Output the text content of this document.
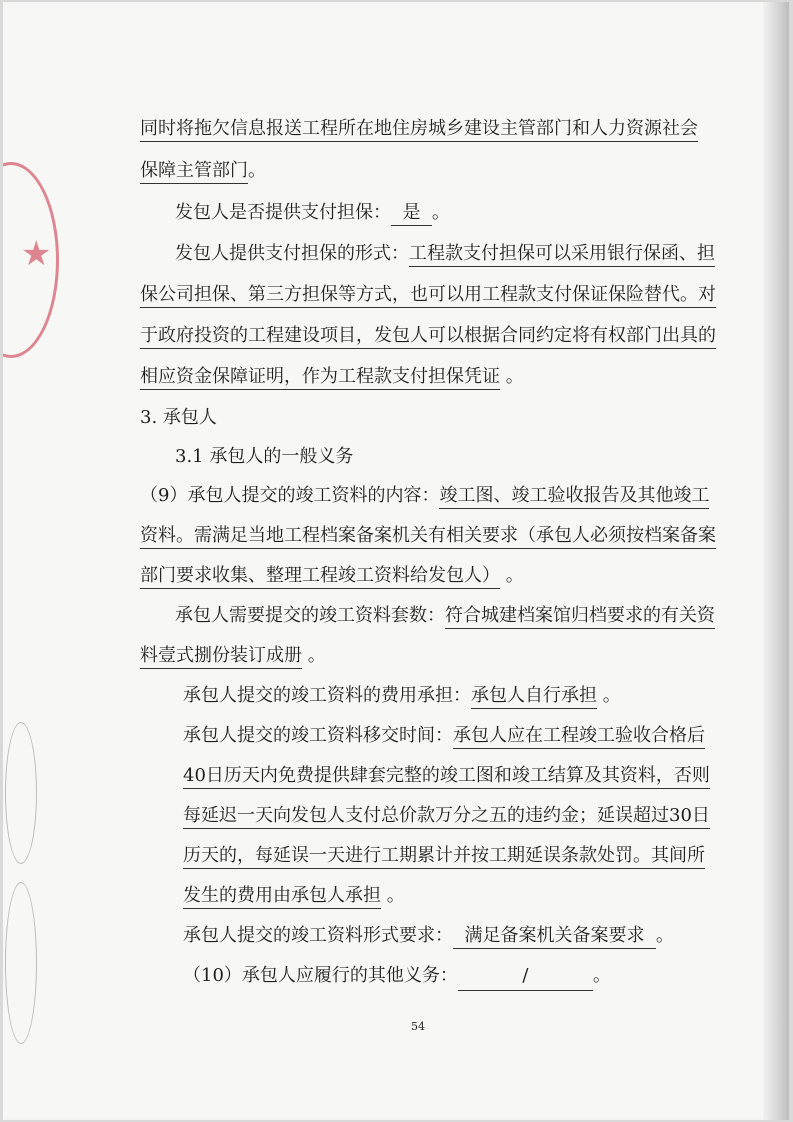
★
同时将拖欠信息报送工程所在地住房城乡建设主管部门和人力资源社会
保障主管部门。
发包人是否提供支付担保：  是  。
发包人提供支付担保的形式：工程款支付担保可以采用银行保函、担
保公司担保、第三方担保等方式，也可以用工程款支付保证保险替代。对
于政府投资的工程建设项目，发包人可以根据合同约定将有权部门出具的
相应资金保障证明，作为工程款支付担保凭证 。
3. 承包人
3.1 承包人的一般义务
（9）承包人提交的竣工资料的内容：竣工图、竣工验收报告及其他竣工
资料。需满足当地工程档案备案机关有相关要求（承包人必须按档案备案
部门要求收集、整理工程竣工资料给发包人） 。
承包人需要提交的竣工资料套数：符合城建档案馆归档要求的有关资
料壹式捌份装订成册 。
承包人提交的竣工资料的费用承担：承包人自行承担 。
承包人提交的竣工资料移交时间：承包人应在工程竣工验收合格后
40日历天内免费提供肆套完整的竣工图和竣工结算及其资料，否则
每延迟一天向发包人支付总价款万分之五的违约金；延误超过30日
历天的，每延误一天进行工期累计并按工期延误条款处罚。其间所
发生的费用由承包人承担 。
承包人提交的竣工资料形式要求：  满足备案机关备案要求  。
（10）承包人应履行的其他义务：      /      。
54
